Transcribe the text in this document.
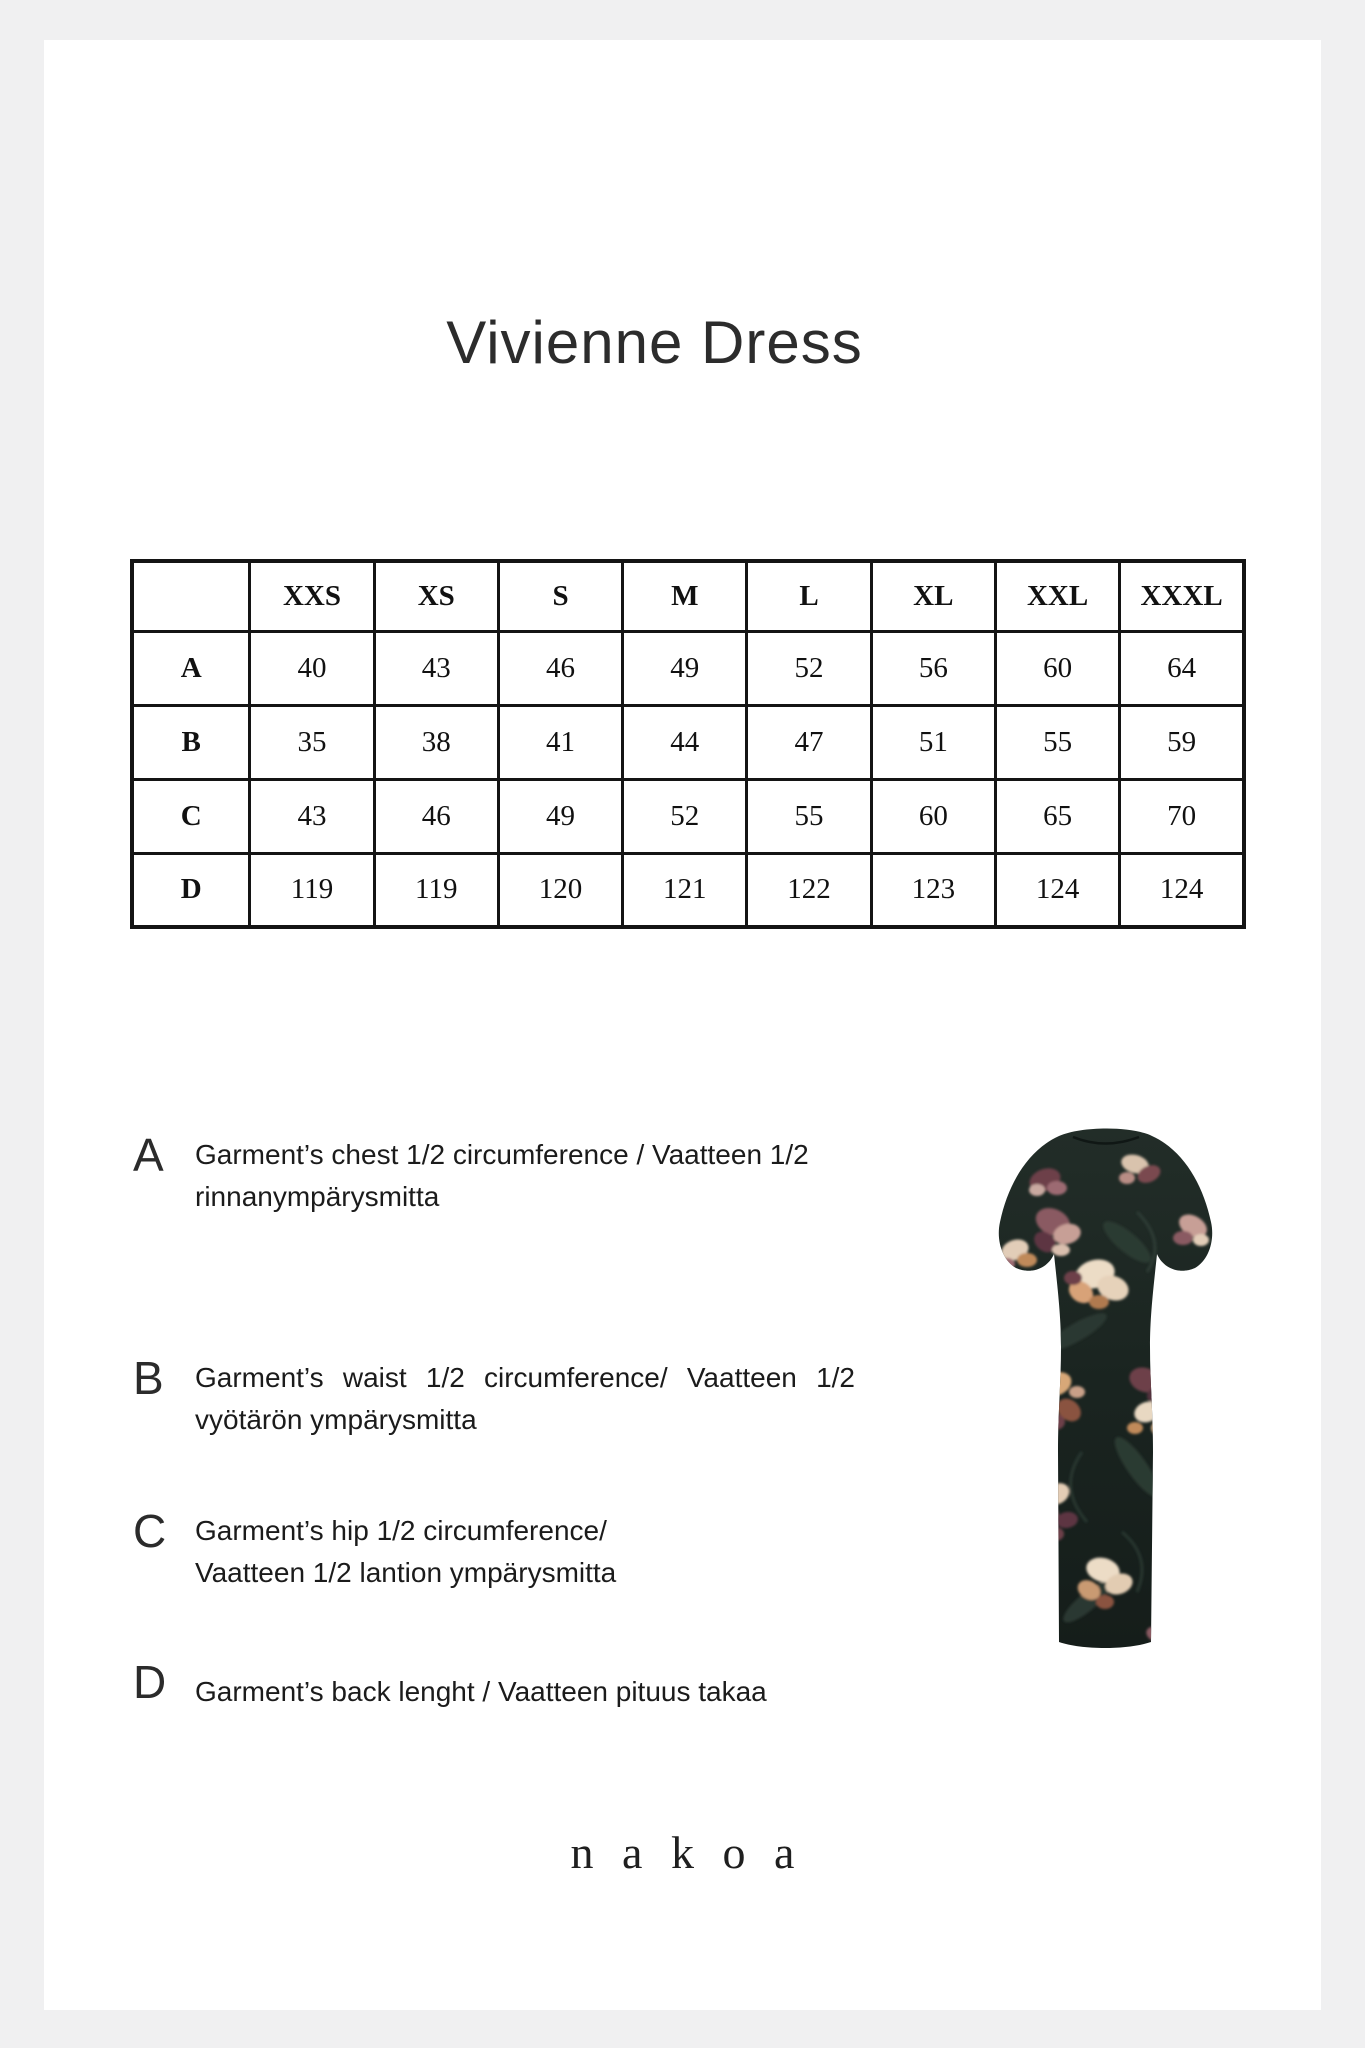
Vivienne Dress
	XXS	XS	S	M	L	XL	XXL	XXXL
A	40	43	46	49	52	56	60	64
B	35	38	41	44	47	51	55	59
C	43	46	49	52	55	60	65	70
D	119	119	120	121	122	123	124	124
A	Garment’s chest 1/2 circumference / Vaatteen 1/2
rinnanympärysmitta
B	Garment’s waist 1/2 circumference/ Vaatteen 1/2
vyötärön ympärysmitta
C	Garment’s hip 1/2 circumference/
Vaatteen 1/2 lantion ympärysmitta
D	Garment’s back lenght / Vaatteen pituus takaa
nakoa
